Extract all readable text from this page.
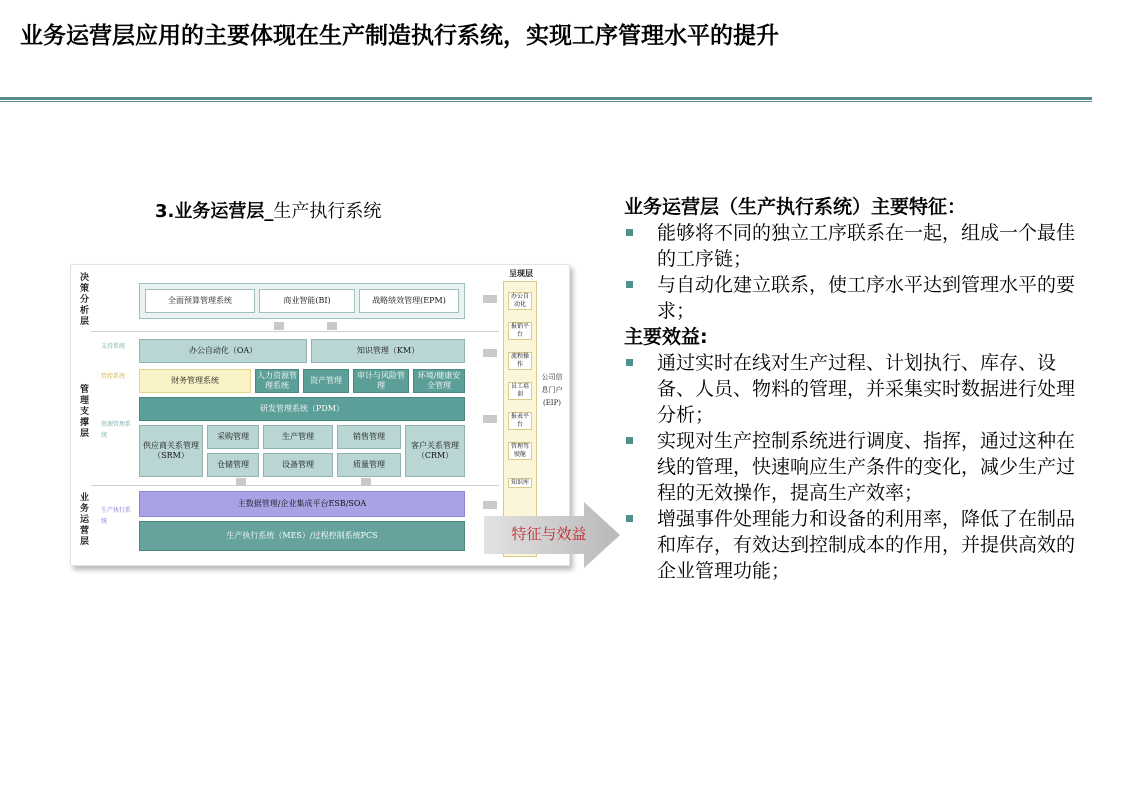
业务运营层应用的主要体现在生产制造执行系统，实现工序管理水平的提升
3.业务运营层_生产执行系统
决策分析层
管理支撑层
业务运营层
支持系统
管控系统
资源管理系统
生产执行系统
全面预算管理系统	商业智能(BI)	战略绩效管理(EPM)
办公自动化（OA）	知识管理（KM）
财务管理系统
人力资源管理系统
资产管理
审计与风险管理
环境/健康安全管理
研发管理系统（PDM）
供应商关系管理（SRM）
采购管理	生产管理	销售管理
客户关系管理（CRM）
仓储管理	设备管理	质量管理
主数据管理/企业集成平台ESB/SOA
生产执行系统（MES）/过程控制系统PCS
呈现层
办公自动化
报销平台
流程操作
员工培训
报表平台
管理驾驶舱
知识库
公司信息门户(EIP)
特征与效益
业务运营层（生产执行系统）主要特征：
能够将不同的独立工序联系在一起，组成一个最佳的工序链；
与自动化建立联系，使工序水平达到管理水平的要求；
主要效益:
通过实时在线对生产过程、计划执行、库存、设备、人员、物料的管理，并采集实时数据进行处理分析；
实现对生产控制系统进行调度、指挥，通过这种在线的管理，快速响应生产条件的变化，减少生产过程的无效操作，提高生产效率；
增强事件处理能力和设备的利用率，降低了在制品和库存，有效达到控制成本的作用，并提供高效的企业管理功能；
